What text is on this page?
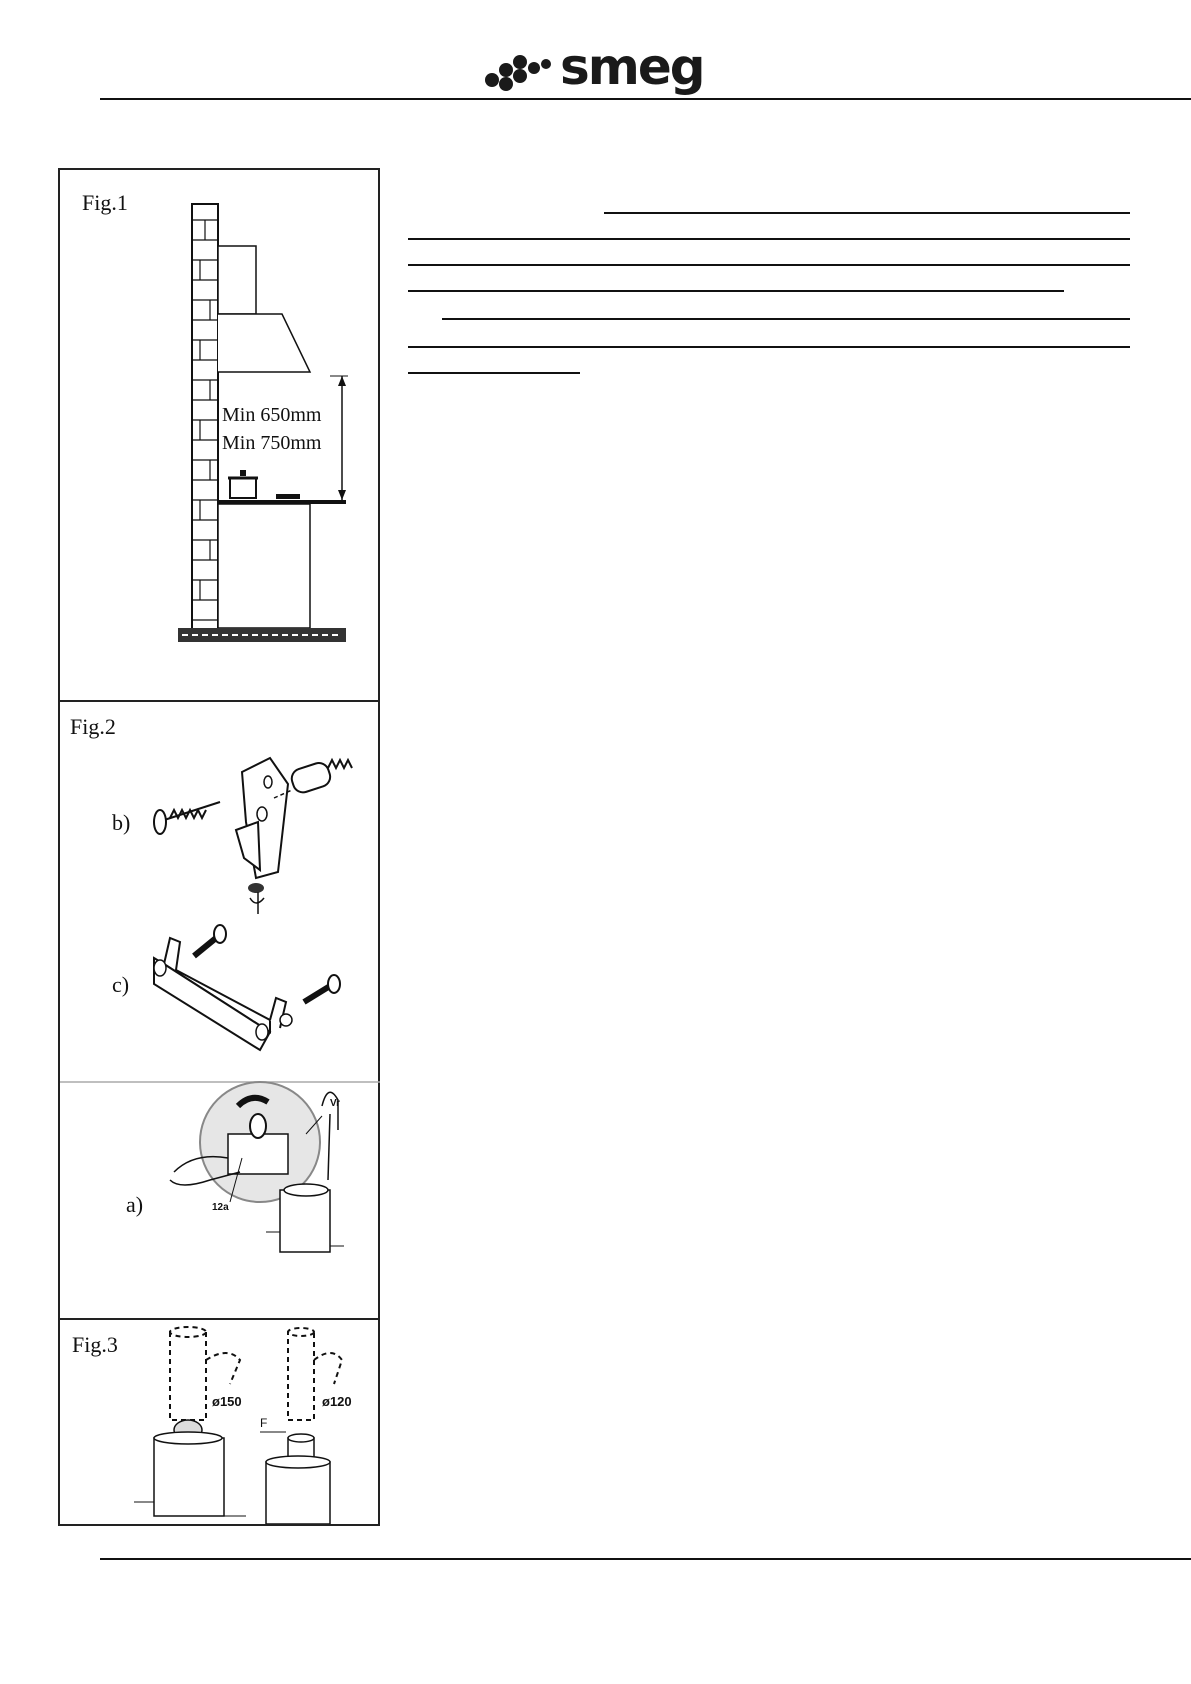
smeg
Fig.1
Min 650mm
Min 750mm
Fig.2
b)
c)
a)	12a
Vr
Fig.3
ø150	ø120
F
